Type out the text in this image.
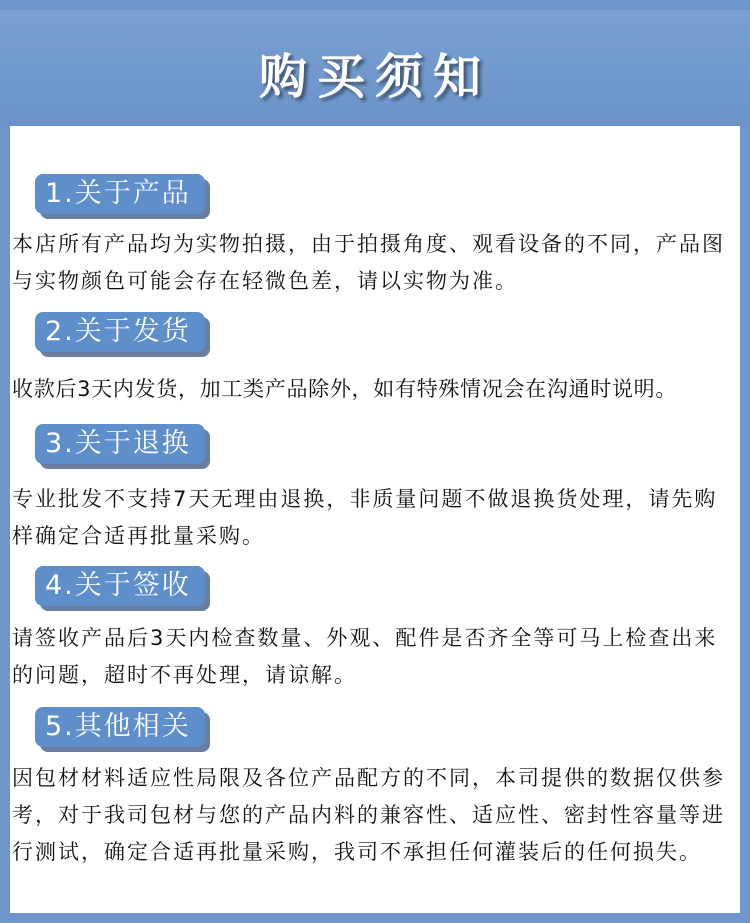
购买须知
1.关于产品
本店所有产品均为实物拍摄，由于拍摄角度、观看设备的不同，产品图与实物颜色可能会存在轻微色差，请以实物为准。
2.关于发货
收款后3天内发货，加工类产品除外，如有特殊情况会在沟通时说明。
3.关于退换
专业批发不支持7天无理由退换，非质量问题不做退换货处理，请先购样确定合适再批量采购。
4.关于签收
请签收产品后3天内检查数量、外观、配件是否齐全等可马上检查出来的问题，超时不再处理，请谅解。
5.其他相关
因包材材料适应性局限及各位产品配方的不同，本司提供的数据仅供参考，对于我司包材与您的产品内料的兼容性、适应性、密封性容量等进行测试，确定合适再批量采购，我司不承担任何灌装后的任何损失。
